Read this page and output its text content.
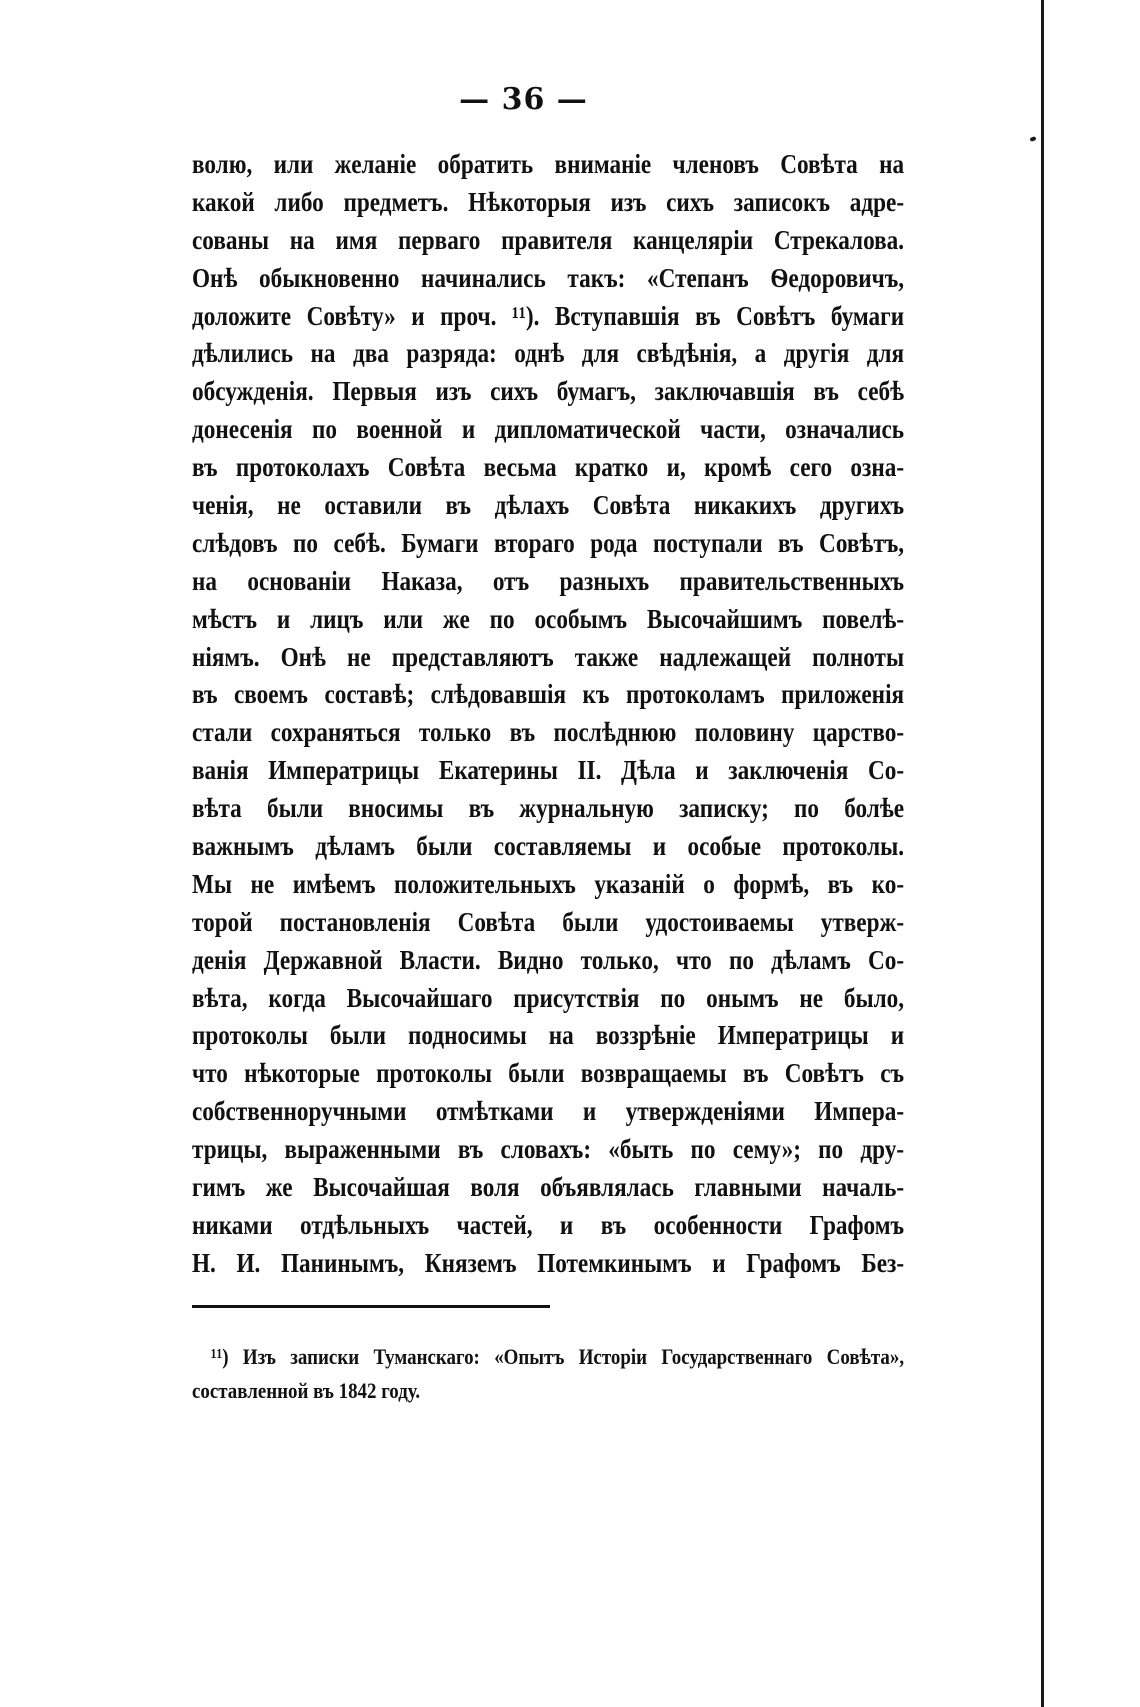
— 36 —
волю, или желаніе обратить вниманіе членовъ Совѣта на
какой либо предметъ. Нѣкоторыя изъ сихъ записокъ адре-
сованы на имя перваго правителя канцеляріи Стрекалова.
Онѣ обыкновенно начинались такъ: «Степанъ Ѳедоровичъ,
доложите Совѣту» и проч. ¹¹). Вступавшія въ Совѣтъ бумаги
дѣлились на два разряда: однѣ для свѣдѣнія, а другія для
обсужденія. Первыя изъ сихъ бумагъ, заключавшія въ себѣ
донесенія по военной и дипломатической части, означались
въ протоколахъ Совѣта весьма кратко и, кромѣ сего озна-
ченія, не оставили въ дѣлахъ Совѣта никакихъ другихъ
слѣдовъ по себѣ. Бумаги втораго рода поступали въ Совѣтъ,
на основаніи Наказа, отъ разныхъ правительственныхъ
мѣстъ и лицъ или же по особымъ Высочайшимъ повелѣ-
ніямъ. Онѣ не представляютъ также надлежащей полноты
въ своемъ составѣ; слѣдовавшія къ протоколамъ приложенія
стали сохраняться только въ послѣднюю половину царство-
ванія Императрицы Екатерины II. Дѣла и заключенія Со-
вѣта были вносимы въ журнальную записку; по болѣе
важнымъ дѣламъ были составляемы и особые протоколы.
Мы не имѣемъ положительныхъ указаній о формѣ, въ ко-
торой постановленія Совѣта были удостоиваемы утверж-
денія Державной Власти. Видно только, что по дѣламъ Со-
вѣта, когда Высочайшаго присутствія по онымъ не было,
протоколы были подносимы на воззрѣніе Императрицы и
что нѣкоторые протоколы были возвращаемы въ Совѣтъ съ
собственноручными отмѣтками и утвержденіями Импера-
трицы, выраженными въ словахъ: «быть по сему»; по дру-
гимъ же Высочайшая воля объявлялась главными началь-
никами отдѣльныхъ частей, и въ особенности Графомъ
Н. И. Панинымъ, Княземъ Потемкинымъ и Графомъ Без-
¹¹) Изъ записки Туманскаго: «Опытъ Исторіи Государственнаго Совѣта»,
составленной въ 1842 году.
